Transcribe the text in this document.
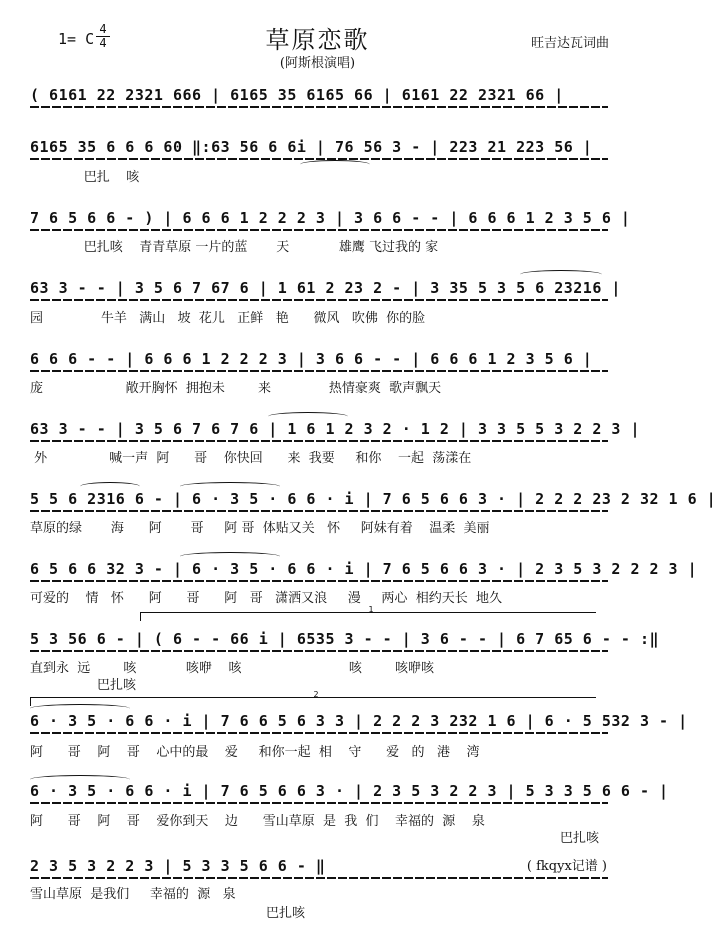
1= C
4
4	草原恋歌
(阿斯根演唱)
旺吉达瓦词曲
( 6161 22 2321 666 | 6165 35 6165 66 | 6161 22 2321 66 |
6165 35 6 6 6 60 ‖:63 56 6 6i | 76 56 3 - | 223 21 223 56 |
巴扎    咳
7 6 5 6 6 - ) | 6 6 6 1 2 2 2 3 | 3 6 6 - - | 6 6 6 1 2 3 5 6 |
巴扎咳    青青草原 一片的蓝       天            雄鹰 飞过我的 家
63 3 - - | 3 5 6 7 67 6 | 1 61 2 23 2 - | 3 35 5 3 5 6 23216 |
园              牛羊   满山   坡  花儿   正鲜   艳      微风   吹佛  你的脸
6 6 6 - - | 6 6 6 1 2 2 2 3 | 3 6 6 - - | 6 6 6 1 2 3 5 6 |
庞                    敞开胸怀  拥抱未        来              热情豪爽  歌声飘天
63 3 - - | 3 5 6 7 6 7 6 | 1 6 1 2 3 2 · 1 2 | 3 3 5 5 3 2 2 3 |
外               喊一声  阿      哥    你快回      来  我要     和你    一起  荡漾在
5 5 6 2316 6 - | 6 · 3 5 · 6 6 · i | 7 6 5 6 6 3 · | 2 2 2 23 2 32 1 6 |
草原的绿       海      阿       哥     阿 哥  体贴又关   怀     阿妹有着    温柔  美丽
6 5 6 6 32 3 - | 6 · 3 5 · 6 6 · i | 7 6 5 6 6 3 · | 2 3 5 3 2 2 2 3 |
可爱的    情   怀      阿      哥      阿   哥   潇洒又浪     漫     两心  相约天长  地久
1
5 3 56 6 - | ( 6 - - 66 i | 6535 3 - - | 3 6 - - | 6 7 65 6 - - :‖
直到永  远        咳            咳咿    咳                          咳        咳咿咳
巴扎咳
2
6 · 3 5 · 6 6 · i | 7 6 6 5 6 3 3 | 2 2 2 3 232 1 6 | 6 · 5 532 3 - |
阿      哥    阿    哥    心中的最    爱     和你一起  相    守      爱   的   港    湾
6 · 3 5 · 6 6 · i | 7 6 5 6 6 3 · | 2 3 5 3 2 2 3 | 5 3 3 5 6 6 - |
阿      哥    阿    哥    爱你到天    边      雪山草原  是  我  们    幸福的  源    泉
巴扎咳
2 3 5 3 2 2 3 | 5 3 3 5 6 6 - ‖
雪山草原  是我们     幸福的  源   泉
巴扎咳
( fkqyx记谱 )
